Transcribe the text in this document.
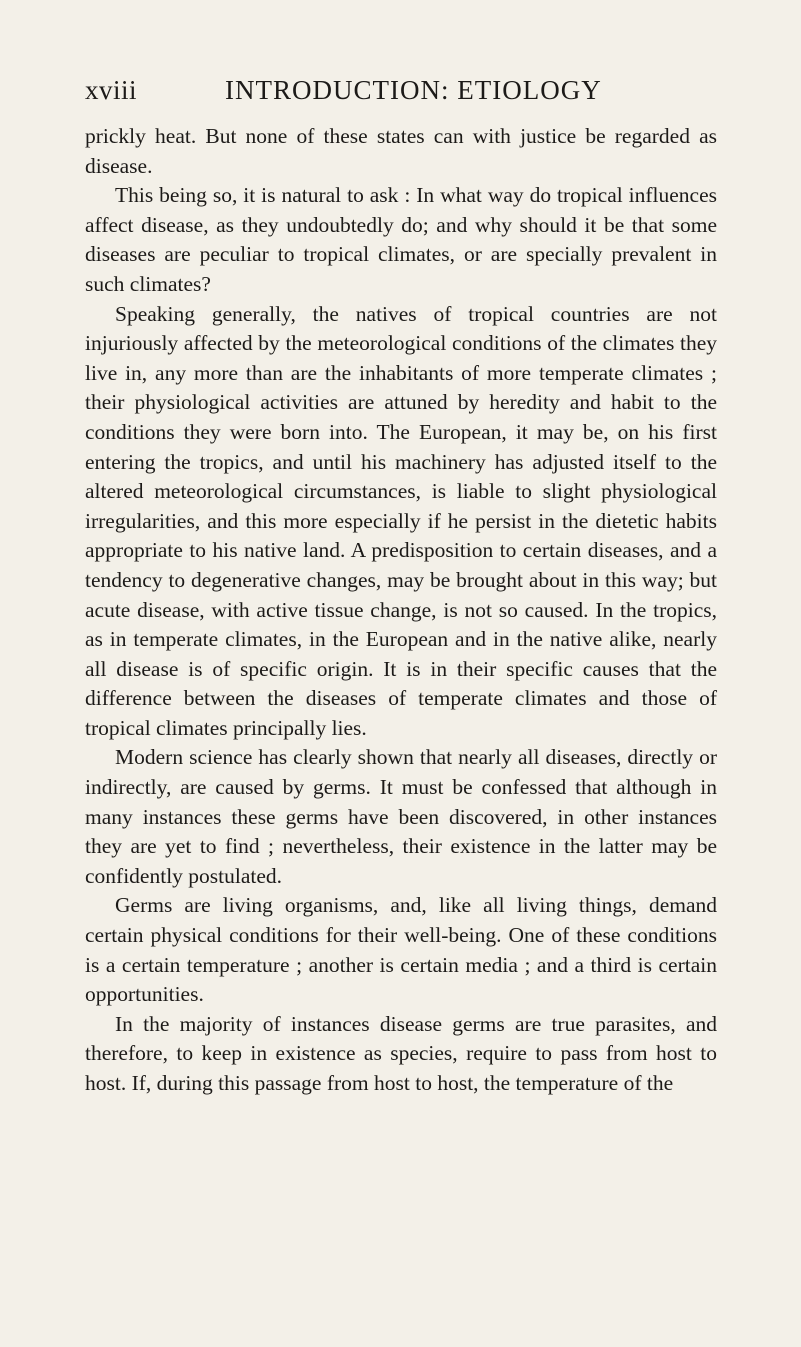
xviii	INTRODUCTION: ETIOLOGY

prickly heat. But none of these states can with justice be regarded as disease.

This being so, it is natural to ask : In what way do tropical influences affect disease, as they undoubtedly do; and why should it be that some diseases are peculiar to tropical climates, or are specially prevalent in such climates?

Speaking generally, the natives of tropical countries are not injuriously affected by the meteorological conditions of the climates they live in, any more than are the inhabitants of more temperate climates ; their physiological activities are attuned by heredity and habit to the conditions they were born into. The European, it may be, on his first entering the tropics, and until his machinery has adjusted itself to the altered meteorological circumstances, is liable to slight physiological irregularities, and this more especially if he persist in the dietetic habits appropriate to his native land. A predisposition to certain diseases, and a tendency to degenerative changes, may be brought about in this way; but acute disease, with active tissue change, is not so caused. In the tropics, as in temperate climates, in the European and in the native alike, nearly all disease is of specific origin. It is in their specific causes that the difference between the diseases of temperate climates and those of tropical climates principally lies.

Modern science has clearly shown that nearly all diseases, directly or indirectly, are caused by germs. It must be confessed that although in many instances these germs have been discovered, in other instances they are yet to find ; nevertheless, their existence in the latter may be confidently postulated.

Germs are living organisms, and, like all living things, demand certain physical conditions for their well-being. One of these conditions is a certain temperature ; another is certain media ; and a third is certain opportunities.

In the majority of instances disease germs are true parasites, and therefore, to keep in existence as species, require to pass from host to host. If, during this passage from host to host, the temperature of the
